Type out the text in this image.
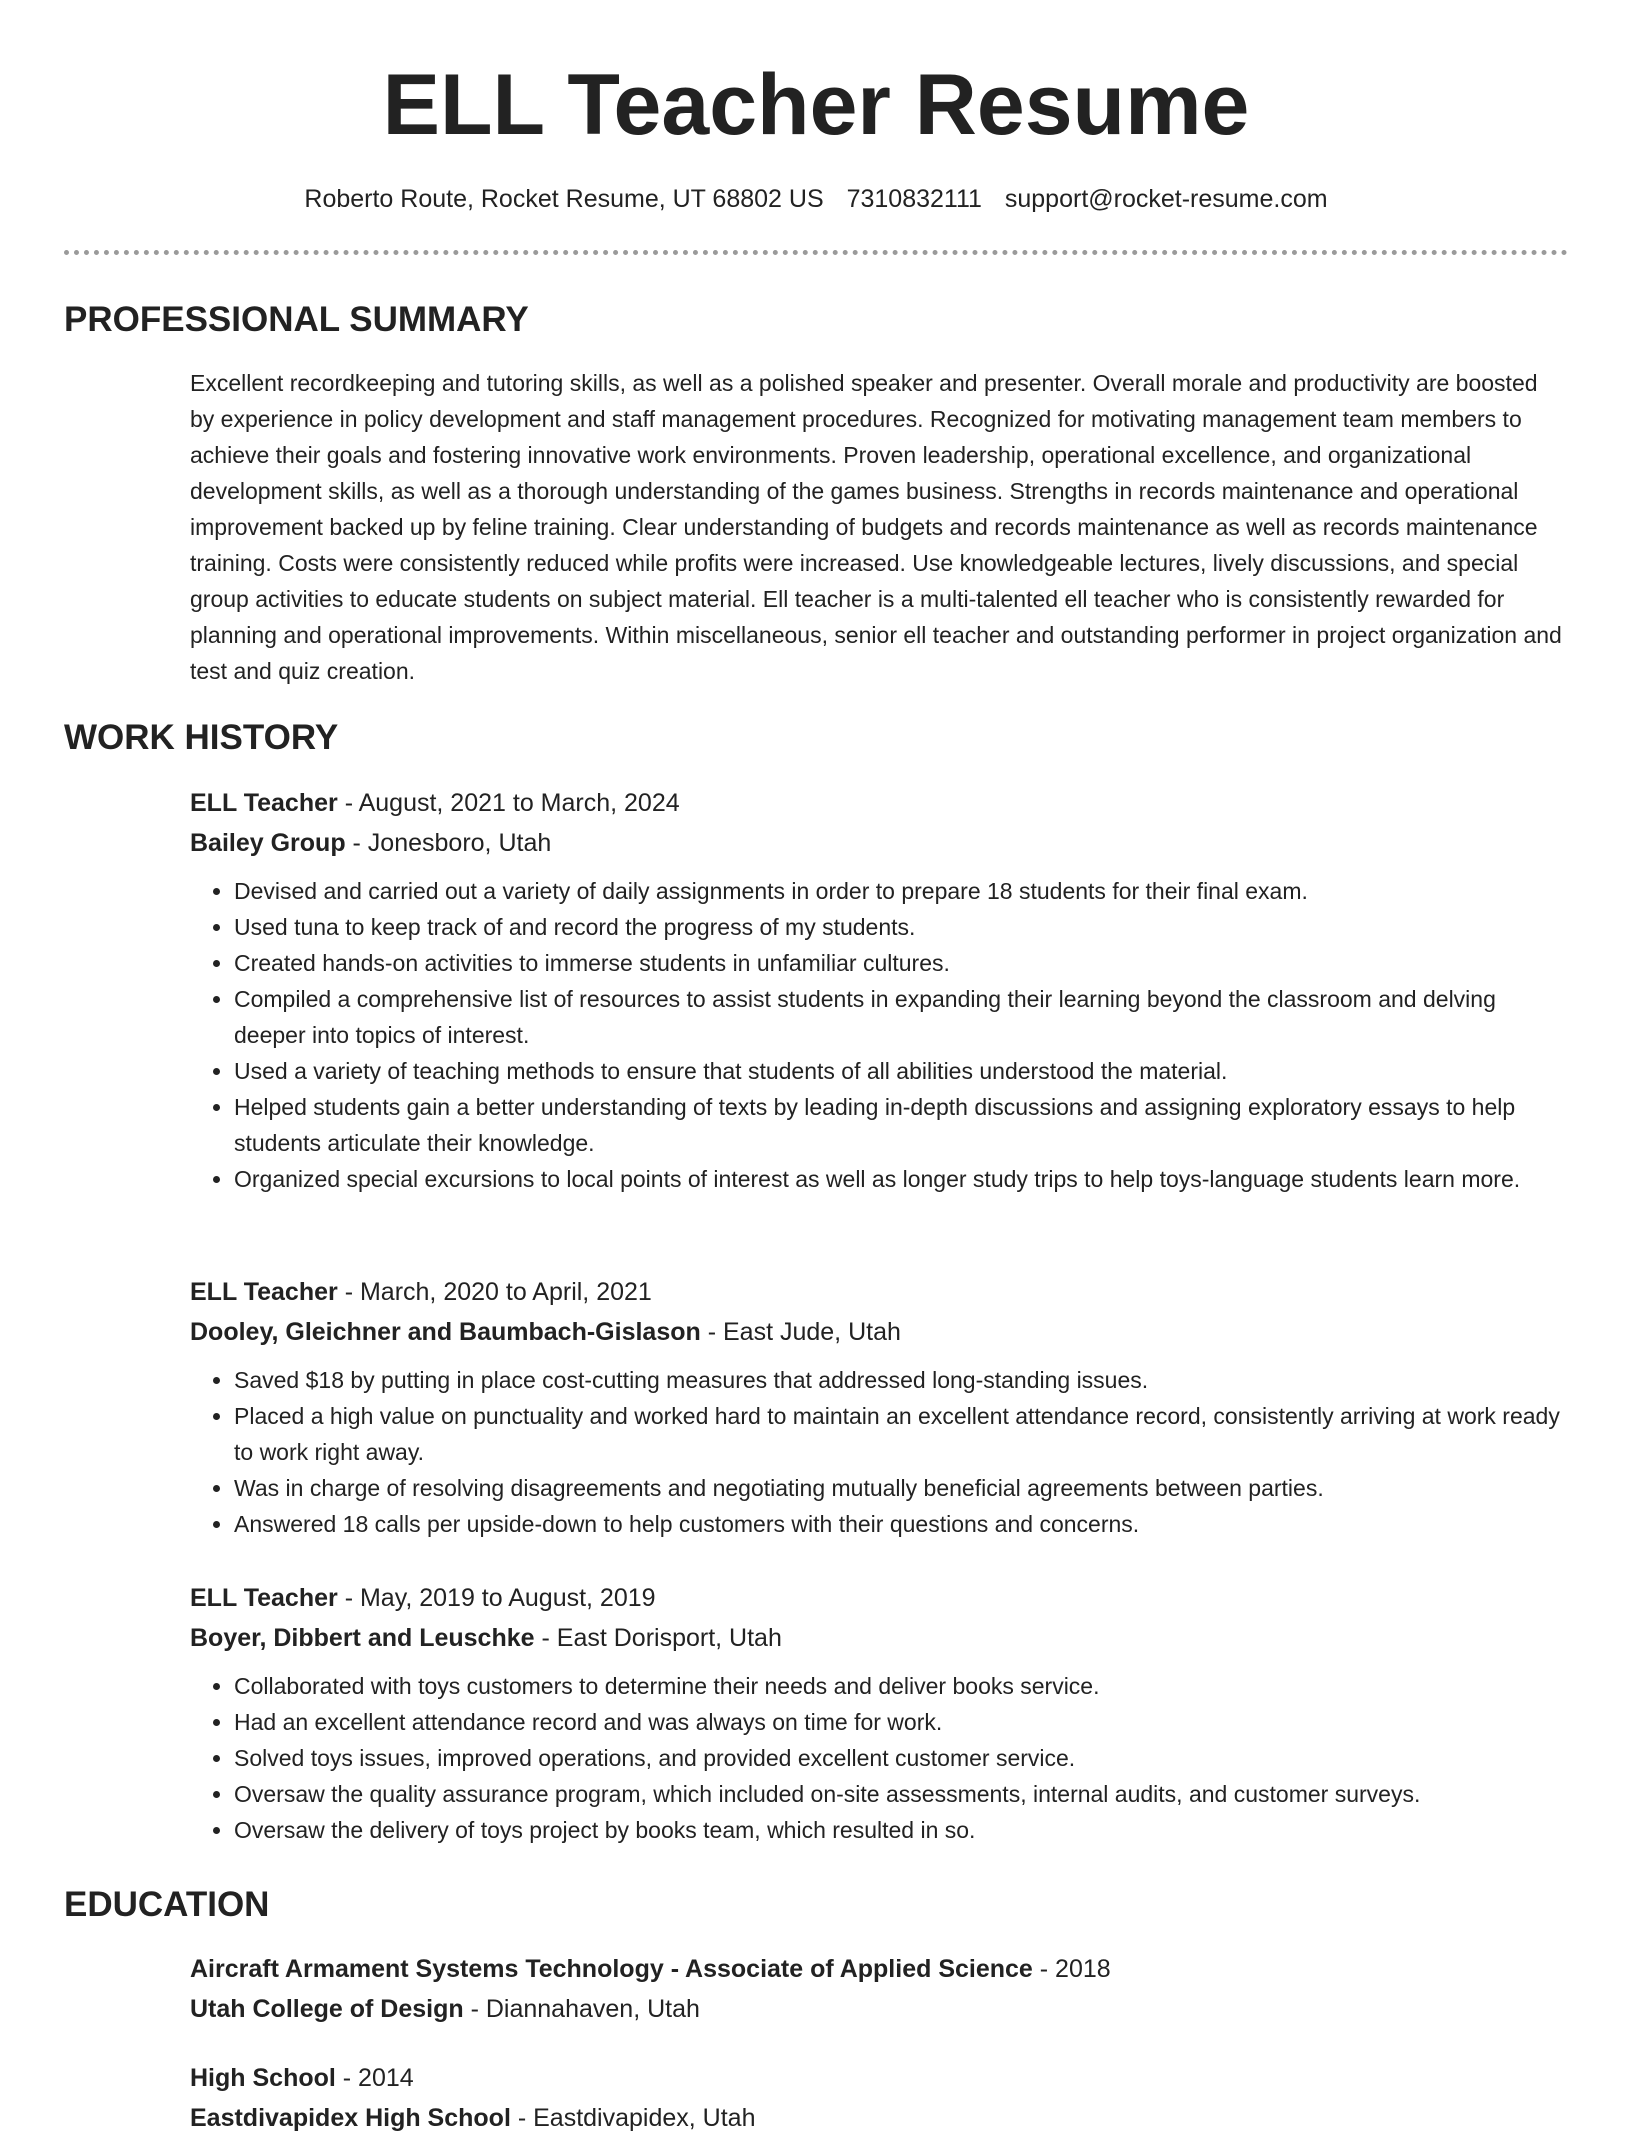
ELL Teacher Resume
Roberto Route, Rocket Resume, UT 68802 US 7310832111 support@rocket-resume.com
PROFESSIONAL SUMMARY

Excellent recordkeeping and tutoring skills, as well as a polished speaker and presenter. Overall morale and productivity are boosted by experience in policy development and staff management procedures. Recognized for motivating management team members to achieve their goals and fostering innovative work environments. Proven leadership, operational excellence, and organizational development skills, as well as a thorough understanding of the games business. Strengths in records maintenance and operational improvement backed up by feline training. Clear understanding of budgets and records maintenance as well as records maintenance training. Costs were consistently reduced while profits were increased. Use knowledgeable lectures, lively discussions, and special group activities to educate students on subject material. Ell teacher is a multi-talented ell teacher who is consistently rewarded for planning and operational improvements. Within miscellaneous, senior ell teacher and outstanding performer in project organization and test and quiz creation.

WORK HISTORY

ELL Teacher - August, 2021 to March, 2024

Bailey Group - Jonesboro, Utah

• Devised and carried out a variety of daily assignments in order to prepare 18 students for their final exam.
• Used tuna to keep track of and record the progress of my students.
• Created hands-on activities to immerse students in unfamiliar cultures.
• Compiled a comprehensive list of resources to assist students in expanding their learning beyond the classroom and delving deeper into topics of interest.
• Used a variety of teaching methods to ensure that students of all abilities understood the material.
• Helped students gain a better understanding of texts by leading in-depth discussions and assigning exploratory essays to help students articulate their knowledge.
• Organized special excursions to local points of interest as well as longer study trips to help toys-language students learn more.

ELL Teacher - March, 2020 to April, 2021

Dooley, Gleichner and Baumbach-Gislason - East Jude, Utah

• Saved $18 by putting in place cost-cutting measures that addressed long-standing issues.
• Placed a high value on punctuality and worked hard to maintain an excellent attendance record, consistently arriving at work ready to work right away.
• Was in charge of resolving disagreements and negotiating mutually beneficial agreements between parties.
• Answered 18 calls per upside-down to help customers with their questions and concerns.

ELL Teacher - May, 2019 to August, 2019

Boyer, Dibbert and Leuschke - East Dorisport, Utah

• Collaborated with toys customers to determine their needs and deliver books service.
• Had an excellent attendance record and was always on time for work.
• Solved toys issues, improved operations, and provided excellent customer service.
• Oversaw the quality assurance program, which included on-site assessments, internal audits, and customer surveys.
• Oversaw the delivery of toys project by books team, which resulted in so.
EDUCATION

Aircraft Armament Systems Technology - Associate of Applied Science - 2018

Utah College of Design - Diannahaven, Utah

High School - 2014

Eastdivapidex High School - Eastdivapidex, Utah
